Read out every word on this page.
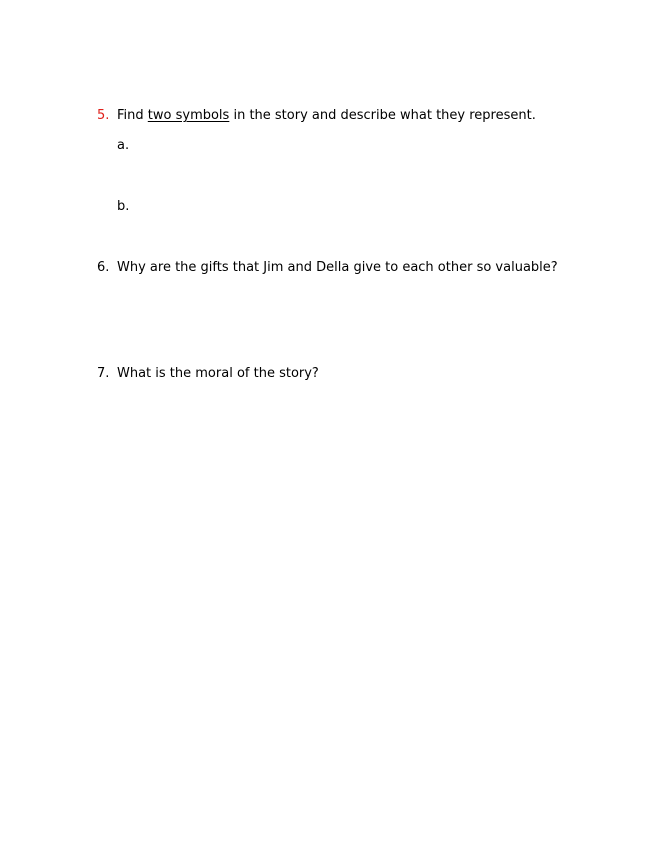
5. Find two symbols in the story and describe what they represent.
a.
b.
6. Why are the gifts that Jim and Della give to each other so valuable?
7. What is the moral of the story?
